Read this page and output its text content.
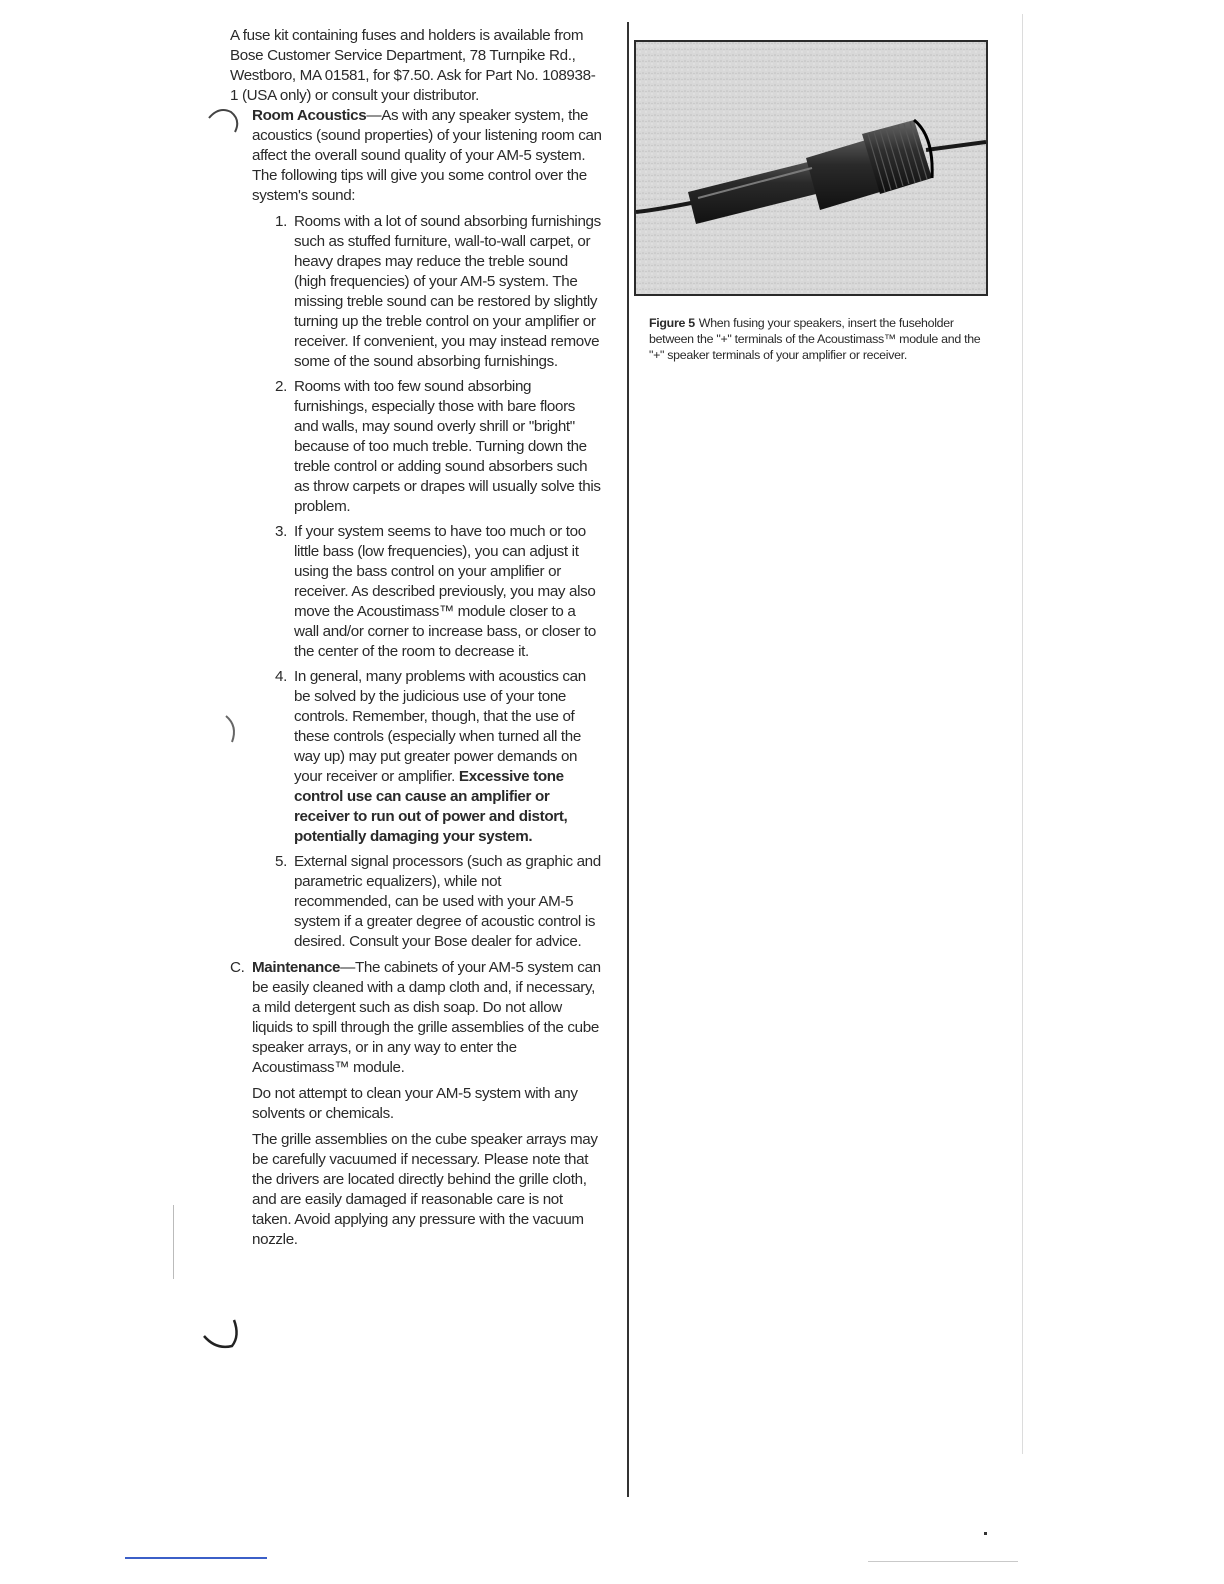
A fuse kit containing fuses and holders is available from Bose Customer Service Department, 78 Turnpike Rd., Westboro, MA 01581, for $7.50. Ask for Part No. 108938-1 (USA only) or consult your distributor.

Room Acoustics—As with any speaker system, the acoustics (sound properties) of your listening room can affect the overall sound quality of your AM-5 system. The following tips will give you some control over the system's sound:

1. Rooms with a lot of sound absorbing furnishings such as stuffed furniture, wall-to-wall carpet, or heavy drapes may reduce the treble sound (high frequencies) of your AM-5 system. The missing treble sound can be restored by slightly turning up the treble control on your amplifier or receiver. If convenient, you may instead remove some of the sound absorbing furnishings.
2. Rooms with too few sound absorbing furnishings, especially those with bare floors and walls, may sound overly shrill or "bright" because of too much treble. Turning down the treble control or adding sound absorbers such as throw carpets or drapes will usually solve this problem.
3. If your system seems to have too much or too little bass (low frequencies), you can adjust it using the bass control on your amplifier or receiver. As described previously, you may also move the Acoustimass™ module closer to a wall and/or corner to increase bass, or closer to the center of the room to decrease it.
4. In general, many problems with acoustics can be solved by the judicious use of your tone controls. Remember, though, that the use of these controls (especially when turned all the way up) may put greater power demands on your receiver or amplifier. Excessive tone control use can cause an amplifier or receiver to run out of power and distort, potentially damaging your system.
5. External signal processors (such as graphic and parametric equalizers), while not recommended, can be used with your AM-5 system if a greater degree of acoustic control is desired. Consult your Bose dealer for advice.
C. Maintenance—The cabinets of your AM-5 system can be easily cleaned with a damp cloth and, if necessary, a mild detergent such as dish soap. Do not allow liquids to spill through the grille assemblies of the cube speaker arrays, or in any way to enter the Acoustimass™ module.

Do not attempt to clean your AM-5 system with any solvents or chemicals.

The grille assemblies on the cube speaker arrays may be carefully vacuumed if necessary. Please note that the drivers are located directly behind the grille cloth, and are easily damaged if reasonable care is not taken. Avoid applying any pressure with the vacuum nozzle.

Figure 5 When fusing your speakers, insert the fuseholder between the "+" terminals of the Acoustimass™ module and the "+" speaker terminals of your amplifier or receiver.
